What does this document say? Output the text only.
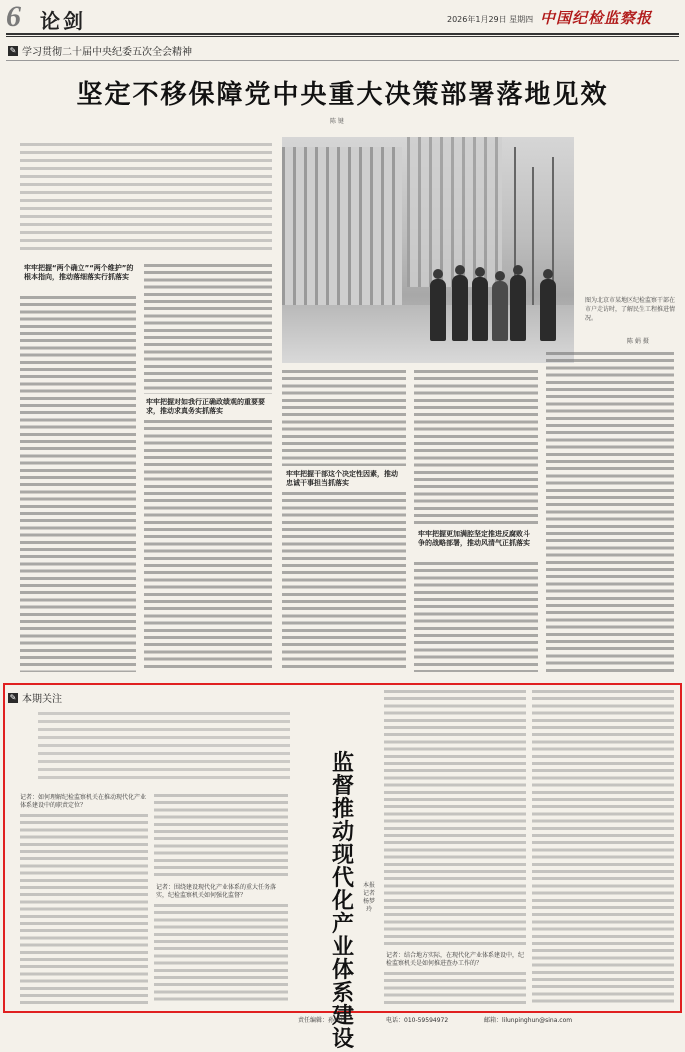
6 论剑	2026年1月29日 星期四 中国纪检监察报
✎ 学习贯彻二十届中央纪委五次全会精神
坚定不移保障党中央重大决策部署落地见效
陈 键
牢牢把握“两个确立”“两个维护”的根本指向，推动落细落实行抓落实
牢牢把握对如我行正确政绩观的重要要求，推动求真务实抓落实
图为北京市某地区纪检监察干部在市户走访时，了解民生工程推进情况。
陈 娟 摄
牢牢把握干部这个决定性因素，推动忠诚干事担当抓落实
牢牢把握更加满腔坚定推进反腐败斗争的战略部署，推动风清气正抓落实
✎ 本期关注
监督推动现代化产业体系建设
本报记者 杨梦玲
记者：如何理解纪检监察机关在推动现代化产业体系建设中的职责定位？
记者：围绕建设现代化产业体系的重大任务落实，纪检监察机关如何强化监督？
记者：结合地方实际，在现代化产业体系建设中，纪检监察机关是如何推进查办工作的？
责任编辑：孙婉玲	电话：010-59594972	邮箱：lilunpinghun@sina.com
